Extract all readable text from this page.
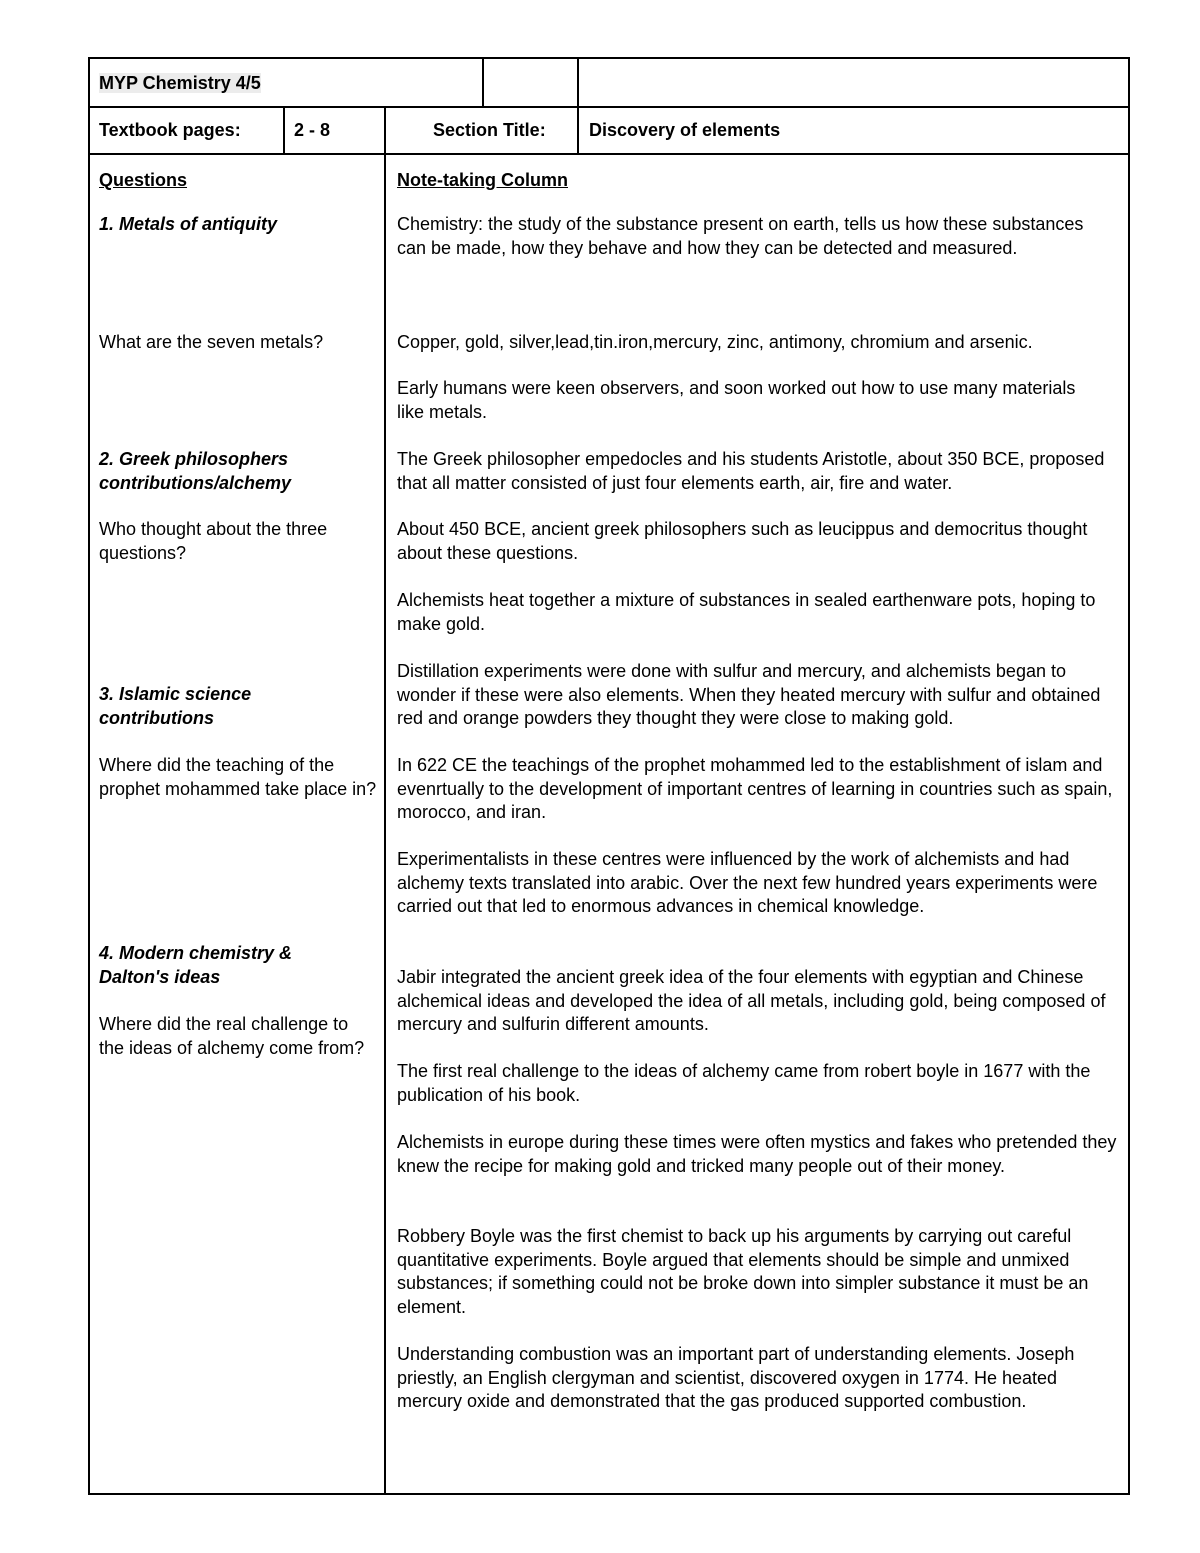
MYP Chemistry 4/5
Textbook pages:	2 - 8	Section Title: Discovery of elements
Questions
1. Metals of antiquity
What are the seven metals?
2. Greek philosophers contributions/alchemy
Who thought about the three questions?
3. Islamic science contributions
Where did the teaching of the prophet mohammed take place in?
4. Modern chemistry & Dalton's ideas
Where did the real challenge to the ideas of alchemy come from?
Note-taking Column
Chemistry: the study of the substance present on earth, tells us how these substances can be made, how they behave and how they can be detected and measured.
Copper, gold, silver,lead,tin.iron,mercury, zinc, antimony, chromium and arsenic.
Early humans were keen observers, and soon worked out how to use many materials like metals.
The Greek philosopher empedocles and his students Aristotle, about 350 BCE, proposed that all matter consisted of just four elements earth, air, fire and water.
About 450 BCE, ancient greek philosophers such as leucippus and democritus thought about these questions.
Alchemists heat together a mixture of substances in sealed earthenware pots, hoping to make gold.
Distillation experiments were done with sulfur and mercury, and alchemists began to wonder if these were also elements. When they heated mercury with sulfur and obtained red and orange powders they thought they were close to making gold.
In 622 CE the teachings of the prophet mohammed led to the establishment of islam and evenrtually to the development of important centres of learning in countries such as spain, morocco, and iran.
Experimentalists in these centres were influenced by the work of alchemists and had alchemy texts translated into arabic. Over the next few hundred years experiments were carried out that led to enormous advances in chemical knowledge.
Jabir integrated the ancient greek idea of the four elements with egyptian and Chinese alchemical ideas and developed the idea of all metals, including gold, being composed of mercury and sulfurin different amounts.
The first real challenge to the ideas of alchemy came from robert boyle in 1677 with the publication of his book.
Alchemists in europe during these times were often mystics and fakes who pretended they knew the recipe for making gold and tricked many people out of their money.
Robbery Boyle was the first chemist to back up his arguments by carrying out careful quantitative experiments. Boyle argued that elements should be simple and unmixed substances; if something could not be broke down into simpler substance it must be an element.
Understanding combustion was an important part of understanding elements. Joseph priestly, an English clergyman and scientist, discovered oxygen in 1774. He heated mercury oxide and demonstrated that the gas produced supported combustion.
